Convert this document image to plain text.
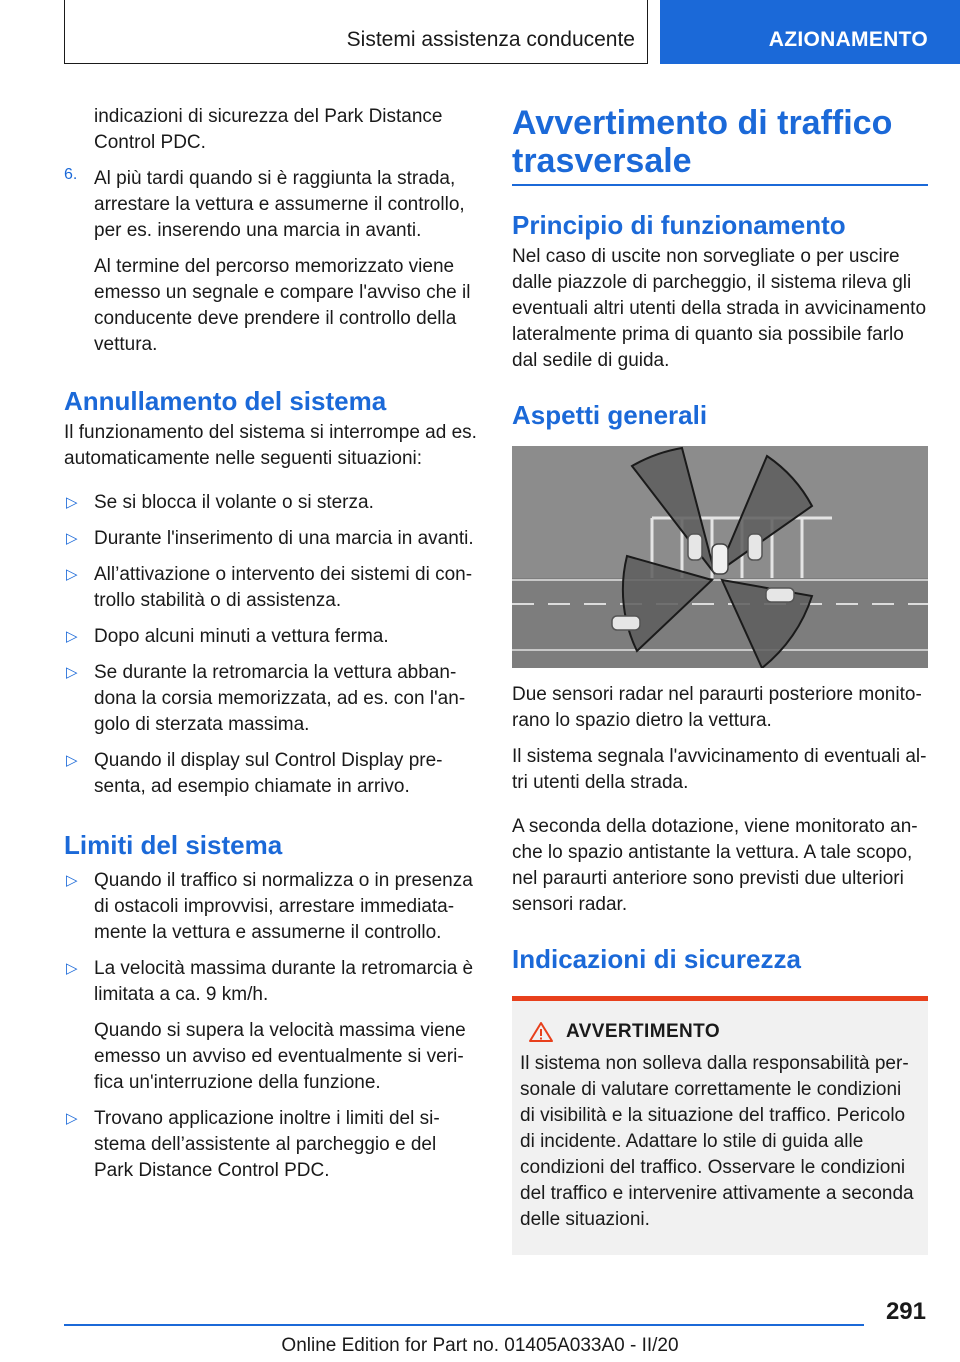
Sistemi assistenza conducente	AZIONAMENTO

indicazioni di sicurezza del Park Distance Control PDC.

6. Al più tardi quando si è raggiunta la strada, arrestare la vettura e assumerne il controllo, per es. inserendo una marcia in avanti.

Al termine del percorso memorizzato viene emesso un segnale e compare l'avviso che il conducente deve prendere il controllo della vettura.

Annullamento del sistema

Il funzionamento del sistema si interrompe ad es. automaticamente nelle seguenti situazioni:

▷ Se si blocca il volante o si sterza.
▷ Durante l'inserimento di una marcia in avanti.
▷ All’attivazione o intervento dei sistemi di controllo stabilità o di assistenza.
▷ Dopo alcuni minuti a vettura ferma.
▷ Se durante la retromarcia la vettura abbandona la corsia memorizzata, ad es. con l'angolo di sterzata massima.
▷ Quando il display sul Control Display presenta, ad esempio chiamate in arrivo.
Limiti del sistema
▷ Quando il traffico si normalizza o in presenza di ostacoli improvvisi, arrestare immediatamente la vettura e assumerne il controllo.
▷ La velocità massima durante la retromarcia è limitata a ca. 9 km/h.

Quando si supera la velocità massima viene emesso un avviso ed eventualmente si verifica un'interruzione della funzione.

▷ Trovano applicazione inoltre i limiti del sistema dell’assistente al parcheggio e del Park Distance Control PDC.
Avvertimento di traffico trasversale
Principio di funzionamento

Nel caso di uscite non sorvegliate o per uscire dalle piazzole di parcheggio, il sistema rileva gli eventuali altri utenti della strada in avvicinamento lateralmente prima di quanto sia possibile farlo dal sedile di guida.

Aspetti generali

Due sensori radar nel paraurti posteriore monitorano lo spazio dietro la vettura.

Il sistema segnala l'avvicinamento di eventuali altri utenti della strada.

A seconda della dotazione, viene monitorato anche lo spazio antistante la vettura. A tale scopo, nel paraurti anteriore sono previsti due ulteriori sensori radar.

Indicazioni di sicurezza
AVVERTIMENTO

Il sistema non solleva dalla responsabilità personale di valutare correttamente le condizioni di visibilità e la situazione del traffico. Pericolo di incidente. Adattare lo stile di guida alle condizioni del traffico. Osservare le condizioni del traffico e intervenire attivamente a seconda delle situazioni.

291
Online Edition for Part no. 01405A033A0 - II/20
